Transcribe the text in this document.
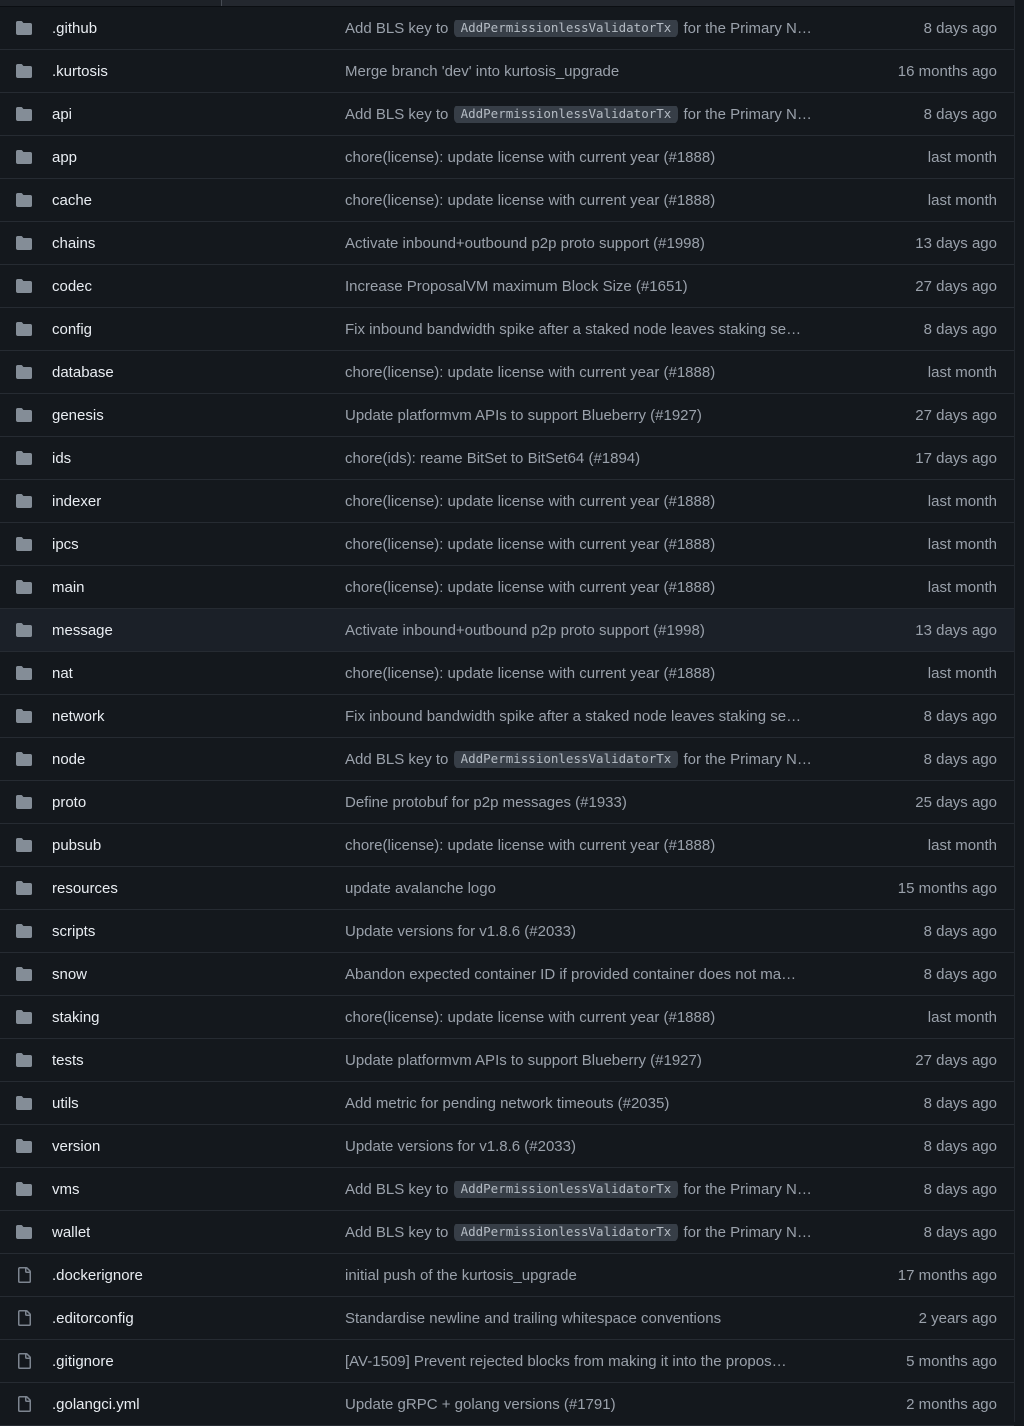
.github	Add BLS key to AddPermissionlessValidatorTx for the Primary N…	8 days ago
.kurtosis	Merge branch 'dev' into kurtosis_upgrade	16 months ago
api	Add BLS key to AddPermissionlessValidatorTx for the Primary N…	8 days ago
app	chore(license): update license with current year (#1888)	last month
cache	chore(license): update license with current year (#1888)	last month
chains	Activate inbound+outbound p2p proto support (#1998)	13 days ago
codec	Increase ProposalVM maximum Block Size (#1651)	27 days ago
config	Fix inbound bandwidth spike after a staked node leaves staking se…	8 days ago
database	chore(license): update license with current year (#1888)	last month
genesis	Update platformvm APIs to support Blueberry (#1927)	27 days ago
ids	chore(ids): reame BitSet to BitSet64 (#1894)	17 days ago
indexer	chore(license): update license with current year (#1888)	last month
ipcs	chore(license): update license with current year (#1888)	last month
main	chore(license): update license with current year (#1888)	last month
message	Activate inbound+outbound p2p proto support (#1998)	13 days ago
nat	chore(license): update license with current year (#1888)	last month
network	Fix inbound bandwidth spike after a staked node leaves staking se…	8 days ago
node	Add BLS key to AddPermissionlessValidatorTx for the Primary N…	8 days ago
proto	Define protobuf for p2p messages (#1933)	25 days ago
pubsub	chore(license): update license with current year (#1888)	last month
resources	update avalanche logo	15 months ago
scripts	Update versions for v1.8.6 (#2033)	8 days ago
snow	Abandon expected container ID if provided container does not ma…	8 days ago
staking	chore(license): update license with current year (#1888)	last month
tests	Update platformvm APIs to support Blueberry (#1927)	27 days ago
utils	Add metric for pending network timeouts (#2035)	8 days ago
version	Update versions for v1.8.6 (#2033)	8 days ago
vms	Add BLS key to AddPermissionlessValidatorTx for the Primary N…	8 days ago
wallet	Add BLS key to AddPermissionlessValidatorTx for the Primary N…	8 days ago
.dockerignore	initial push of the kurtosis_upgrade	17 months ago
.editorconfig	Standardise newline and trailing whitespace conventions	2 years ago
.gitignore	[AV-1509] Prevent rejected blocks from making it into the propos…	5 months ago
.golangci.yml	Update gRPC + golang versions (#1791)	2 months ago
